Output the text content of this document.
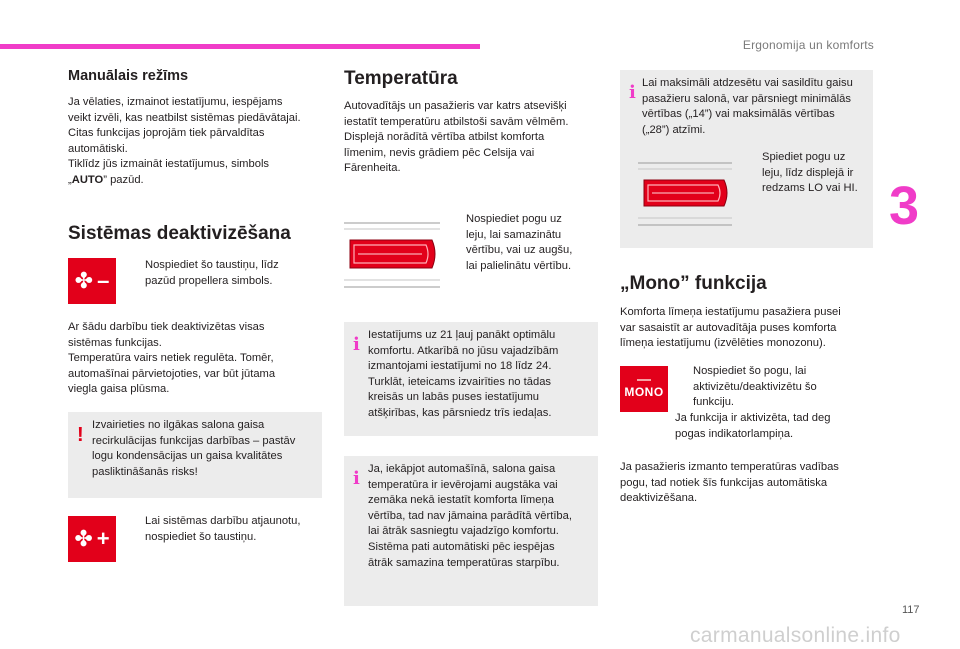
Ergonomija un komforts
3
Manuālais režīms
Ja vēlaties, izmainot iestatījumu, iespējams
veikt izvēli, kas neatbilst sistēmas piedāvātajai.
Citas funkcijas joprojām tiek pārvaldītas
automātiski.
Tiklīdz jūs izmaināt iestatījumus, simbols
„AUTO” pazūd.
Sistēmas deaktivizēšana
✤ –
Nospiediet šo taustiņu, līdz
pazūd propellera simbols.
Ar šādu darbību tiek deaktivizētas visas
sistēmas funkcijas.
Temperatūra vairs netiek regulēta. Tomēr,
automašīnai pārvietojoties, var būt jūtama
viegla gaisa plūsma.
! Izvairieties no ilgākas salona gaisa
recirkulācijas funkcijas darbības – pastāv
logu kondensācijas un gaisa kvalitātes
pasliktināšanās risks!
✤ +
Lai sistēmas darbību atjaunotu,
nospiediet šo taustiņu.
Temperatūra
Autovadītājs un pasažieris var katrs atsevišķi
iestatīt temperatūru atbilstoši savām vēlmēm.
Displejā norādītā vērtība atbilst komforta
līmenim, nevis grādiem pēc Celsija vai
Fārenheita.
Nospiediet pogu uz
leju, lai samazinātu
vērtību, vai uz augšu,
lai palielinātu vērtību.
i Iestatījums uz 21 ļauj panākt optimālu
komfortu. Atkarībā no jūsu vajadzībām
izmantojami iestatījumi no 18 līdz 24.
Turklāt, ieteicams izvairīties no tādas
kreisās un labās puses iestatījumu
atšķirības, kas pārsniedz trīs iedaļas.
i Ja, iekāpjot automašīnā, salona gaisa
temperatūra ir ievērojami augstāka vai
zemāka nekā iestatīt komforta līmeņa
vērtība, tad nav jāmaina parādītā vērtība,
lai ātrāk sasniegtu vajadzīgo komfortu.
Sistēma pati automātiski pēc iespējas
ātrāk samazina temperatūras starpību.
i Lai maksimāli atdzesētu vai sasildītu gaisu
pasažieru salonā, var pārsniegt minimālās
vērtības („14”) vai maksimālās vērtības
(„28”) atzīmi.
Spiediet pogu uz
leju, līdz displejā ir
redzams LO vai HI.
„Mono” funkcija
Komforta līmeņa iestatījumu pasažiera pusei
var sasaistīt ar autovadītāja puses komforta
līmeņa iestatījumu (izvēlēties monozonu).
MONO
Nospiediet šo pogu, lai
aktivizētu/deaktivizētu šo
funkciju.
Ja funkcija ir aktivizēta, tad deg
pogas indikatorlampiņa.
Ja pasažieris izmanto temperatūras vadības
pogu, tad notiek šīs funkcijas automātiska
deaktivizēšana.
117
carmanualsonline.info
